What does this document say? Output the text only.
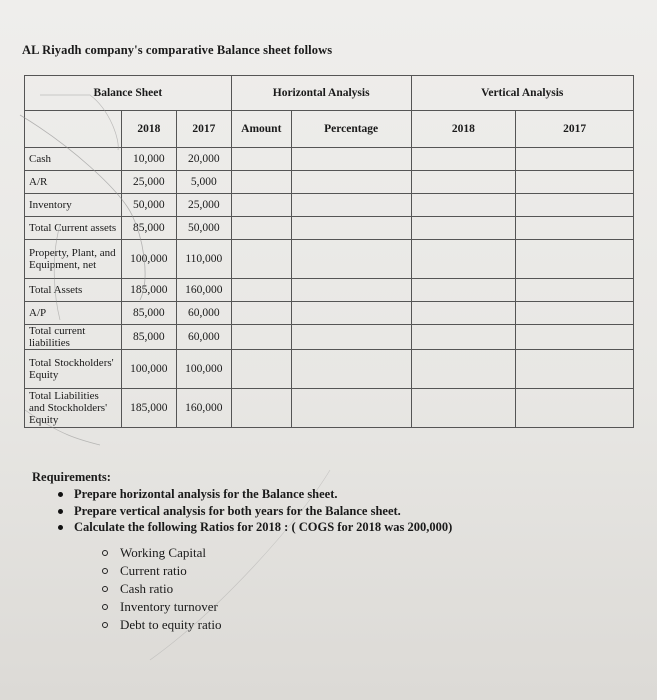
AL Riyadh company's comparative Balance sheet follows
Balance Sheet			Horizontal Analysis		Vertical Analysis	
	2018	2017	Amount	Percentage	2018	2017
Cash	10,000	20,000				
A/R	25,000	5,000				
Inventory	50,000	25,000				
Total Current assets	85,000	50,000				
Property, Plant, and Equipment, net	100,000	110,000				
Total Assets	185,000	160,000				
A/P	85,000	60,000				
Total current liabilities	85,000	60,000				
Total Stockholders' Equity	100,000	100,000				
Total Liabilities and Stockholders' Equity	185,000	160,000				
Requirements:
Prepare horizontal analysis for the Balance sheet.
Prepare vertical analysis for both years for the Balance sheet.
Calculate the following Ratios for 2018 : ( COGS for 2018 was 200,000)
Working Capital
Current ratio
Cash ratio
Inventory turnover
Debt to equity ratio
